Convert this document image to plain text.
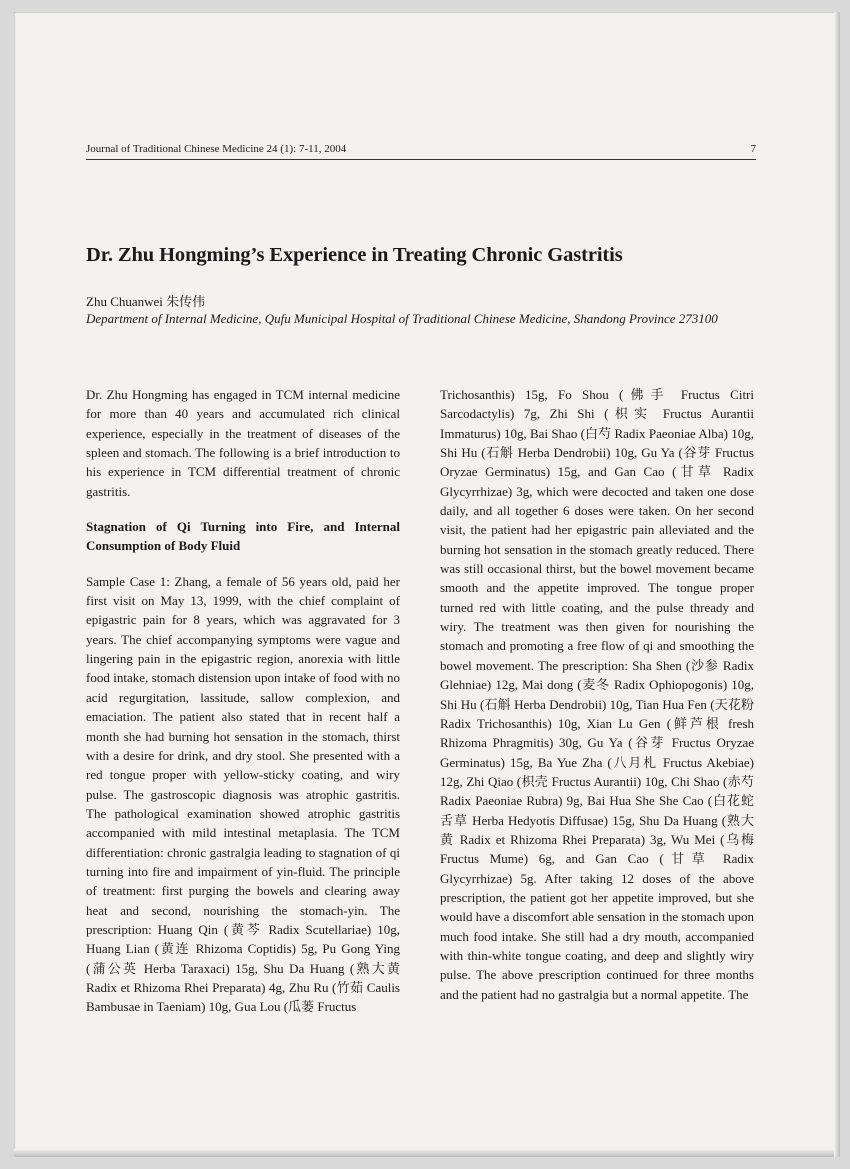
Journal of Traditional Chinese Medicine 24 (1): 7-11, 2004	7
Dr. Zhu Hongming’s Experience in Treating Chronic Gastritis
Zhu Chuanwei 朱传伟
Department of Internal Medicine, Qufu Municipal Hospital of Traditional Chinese Medicine, Shandong Province 273100

Dr. Zhu Hongming has engaged in TCM internal medicine for more than 40 years and accumulated rich clinical experience, especially in the treatment of diseases of the spleen and stomach. The following is a brief introduction to his experience in TCM differential treatment of chronic gastritis.

Stagnation of Qi Turning into Fire, and Internal Consumption of Body Fluid

Sample Case 1: Zhang, a female of 56 years old, paid her first visit on May 13, 1999, with the chief complaint of epigastric pain for 8 years, which was aggravated for 3 years. The chief accompanying symptoms were vague and lingering pain in the epigastric region, anorexia with little food intake, stomach distension upon intake of food with no acid regurgitation, lassitude, sallow complexion, and emaciation. The patient also stated that in recent half a month she had burning hot sensation in the stomach, thirst with a desire for drink, and dry stool. She presented with a red tongue proper with yellow-sticky coating, and wiry pulse. The gastroscopic diagnosis was atrophic gastritis. The pathological examination showed atrophic gastritis accompanied with mild intestinal metaplasia. The TCM differentiation: chronic gastralgia leading to stagnation of qi turning into fire and impairment of yin-fluid. The principle of treatment: first purging the bowels and clearing away heat and second, nourishing the stomach-yin. The prescription: Huang Qin (黄芩 Radix Scutellariae) 10g, Huang Lian (黄连 Rhizoma Coptidis) 5g, Pu Gong Ying (蒲公英 Herba Taraxaci) 15g, Shu Da Huang (熟大黄 Radix et Rhizoma Rhei Preparata) 4g, Zhu Ru (竹茹 Caulis Bambusae in Taeniam) 10g, Gua Lou (瓜蒌 Fructus

Trichosanthis) 15g, Fo Shou (佛手 Fructus Citri Sarcodactylis) 7g, Zhi Shi (枳实 Fructus Aurantii Immaturus) 10g, Bai Shao (白芍 Radix Paeoniae Alba) 10g, Shi Hu (石斛 Herba Dendrobii) 10g, Gu Ya (谷芽 Fructus Oryzae Germinatus) 15g, and Gan Cao (甘草 Radix Glycyrrhizae) 3g, which were decocted and taken one dose daily, and all together 6 doses were taken. On her second visit, the patient had her epigastric pain alleviated and the burning hot sensation in the stomach greatly reduced. There was still occasional thirst, but the bowel movement became smooth and the appetite improved. The tongue proper turned red with little coating, and the pulse thready and wiry. The treatment was then given for nourishing the stomach and promoting a free flow of qi and smoothing the bowel movement. The prescription: Sha Shen (沙参 Radix Glehniae) 12g, Mai dong (麦冬 Radix Ophiopogonis) 10g, Shi Hu (石斛 Herba Dendrobii) 10g, Tian Hua Fen (天花粉 Radix Trichosanthis) 10g, Xian Lu Gen (鲜芦根 fresh Rhizoma Phragmitis) 30g, Gu Ya (谷芽 Fructus Oryzae Germinatus) 15g, Ba Yue Zha (八月札 Fructus Akebiae) 12g, Zhi Qiao (枳壳 Fructus Aurantii) 10g, Chi Shao (赤芍 Radix Paeoniae Rubra) 9g, Bai Hua She She Cao (白花蛇舌草 Herba Hedyotis Diffusae) 15g, Shu Da Huang (熟大黄 Radix et Rhizoma Rhei Preparata) 3g, Wu Mei (乌梅 Fructus Mume) 6g, and Gan Cao (甘草 Radix Glycyrrhizae) 5g. After taking 12 doses of the above prescription, the patient got her appetite improved, but she would have a discomfort able sensation in the stomach upon much food intake. She still had a dry mouth, accompanied with thin-white tongue coating, and deep and slightly wiry pulse. The above prescription continued for three months and the patient had no gastralgia but a normal appetite. The
